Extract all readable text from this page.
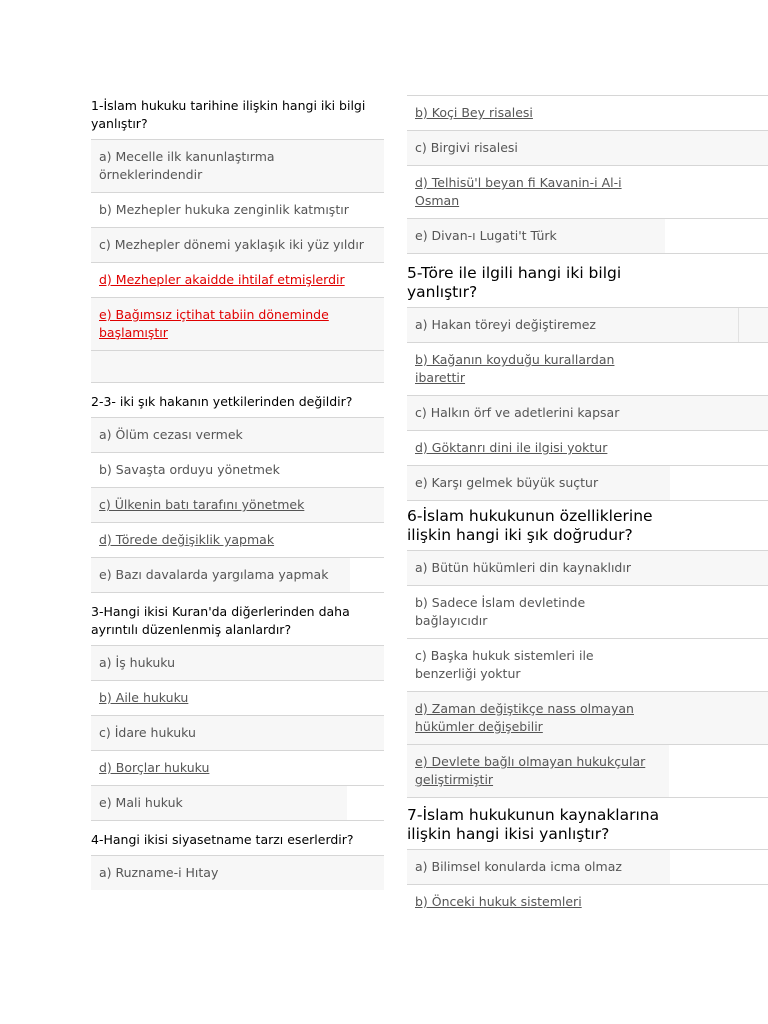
1-İslam hukuku tarihine ilişkin hangi iki bilgi yanlıştır?
a) Mecelle ilk kanunlaştırma örneklerindendir
b) Mezhepler hukuka zenginlik katmıştır
c) Mezhepler dönemi yaklaşık iki yüz yıldır
d) Mezhepler akaidde ihtilaf etmişlerdir
e) Bağımsız içtihat tabiin döneminde başlamıştır
2-3- iki şık hakanın yetkilerinden değildir?
a) Ölüm cezası vermek
b) Savaşta orduyu yönetmek
c) Ülkenin batı tarafını yönetmek
d) Törede değişiklik yapmak
e) Bazı davalarda yargılama yapmak
3-Hangi ikisi Kuran'da diğerlerinden daha ayrıntılı düzenlenmiş alanlardır?
a) İş hukuku
b) Aile hukuku
c) İdare hukuku
d) Borçlar hukuku
e) Mali hukuk
4-Hangi ikisi siyasetname tarzı eserlerdir?
a) Ruzname-i Hıtay
b) Koçi Bey risalesi
c) Birgivi risalesi
d) Telhisü'l beyan fi Kavanin-i Al-i Osman
e) Divan-ı Lugati't Türk
5-Töre ile ilgili hangi iki bilgi yanlıştır?
a) Hakan töreyi değiştiremez
b) Kağanın koyduğu kurallardan ibarettir
c) Halkın örf ve adetlerini kapsar
d) Göktanrı dini ile ilgisi yoktur
e) Karşı gelmek büyük suçtur
6-İslam hukukunun özelliklerine ilişkin hangi iki şık doğrudur?
a) Bütün hükümleri din kaynaklıdır
b) Sadece İslam devletinde bağlayıcıdır
c) Başka hukuk sistemleri ile benzerliği yoktur
d) Zaman değiştikçe nass olmayan hükümler değişebilir
e) Devlete bağlı olmayan hukukçular geliştirmiştir
7-İslam hukukunun kaynaklarına ilişkin hangi ikisi yanlıştır?
a) Bilimsel konularda icma olmaz
b) Önceki hukuk sistemleri
